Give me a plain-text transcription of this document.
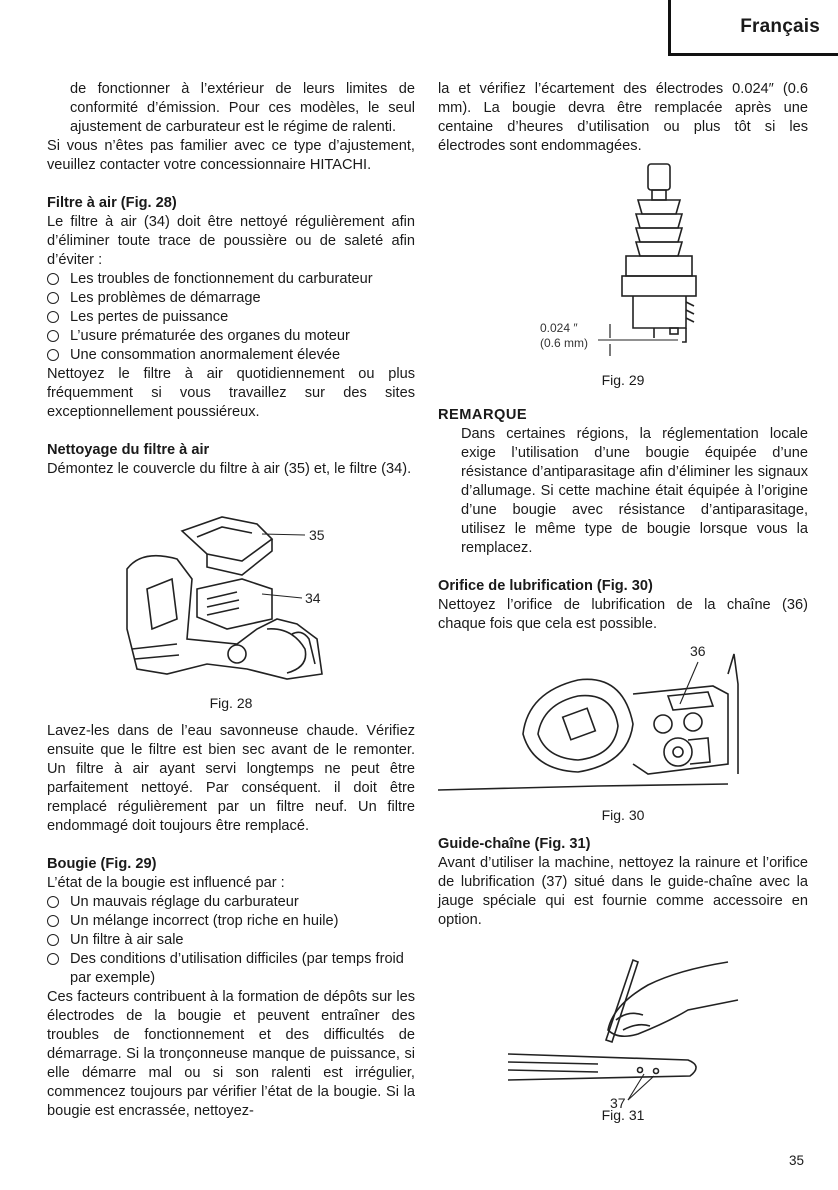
Français

de fonctionner à l’extérieur de leurs limites de conformité d’émission. Pour ces modèles, le seul ajustement de carburateur est le régime de ralenti.

Si vous n’êtes pas familier avec ce type d’ajustement, veuillez contacter votre concessionnaire HITACHI.

Filtre à air (Fig. 28)

Le filtre à air (34) doit être nettoyé régulièrement afin d’éliminer toute trace de poussière ou de saleté afin d’éviter :

Les troubles de fonctionnement du carburateur
Les problèmes de démarrage
Les pertes de puissance
L’usure prématurée des organes du moteur
Une consommation anormalement élevée

Nettoyez le filtre à air quotidiennement ou plus fréquemment si vous travaillez sur des sites exceptionnellement poussiéreux.

Nettoyage du filtre à air

Démontez le couvercle du filtre à air (35) et, le filtre (34).

35
34

Fig. 28

Lavez-les dans de l’eau savonneuse chaude. Vérifiez ensuite que le filtre est bien sec avant de le remonter. Un filtre à air ayant servi longtemps ne peut être parfaitement nettoyé. Par conséquent. il doit être remplacé régulièrement par un filtre neuf. Un filtre endommagé doit toujours être remplacé.

Bougie (Fig. 29)

L’état de la bougie est influencé par :

Un mauvais réglage du carburateur
Un mélange incorrect (trop riche en huile)
Un filtre à air sale
Des conditions d’utilisation difficiles (par temps froid par exemple)

Ces facteurs contribuent à la formation de dépôts sur les électrodes de la bougie et peuvent entraîner des troubles de fonctionnement et des difficultés de démarrage. Si la tronçonneuse manque de puissance, si elle démarre mal ou si son ralenti est irrégulier, commencez toujours par vérifier l’état de la bougie. Si la bougie est encrassée, nettoyez-

la et vérifiez l’écartement des électrodes 0.024″ (0.6 mm). La bougie devra être remplacée après une centaine d’heures d’utilisation ou plus tôt si les électrodes sont endommagées.

0.024 ″
(0.6 mm)

Fig. 29

REMARQUE

Dans certaines régions, la réglementation locale exige l’utilisation d’une bougie équipée d’une résistance d’antiparasitage afin d’éliminer les signaux d’allumage. Si cette machine était équipée à l’origine d’une bougie avec résistance d’antiparasitage, utilisez le même type de bougie lorsque vous la remplacez.

Orifice de lubrification (Fig. 30)

Nettoyez l’orifice de lubrification de la chaîne (36) chaque fois que cela est possible.

36

Fig. 30

Guide-chaîne (Fig. 31)

Avant d’utiliser la machine, nettoyez la rainure et l’orifice de lubrification (37) situé dans le guide-chaîne avec la jauge spéciale qui est fournie comme accessoire en option.

37

Fig. 31

35
